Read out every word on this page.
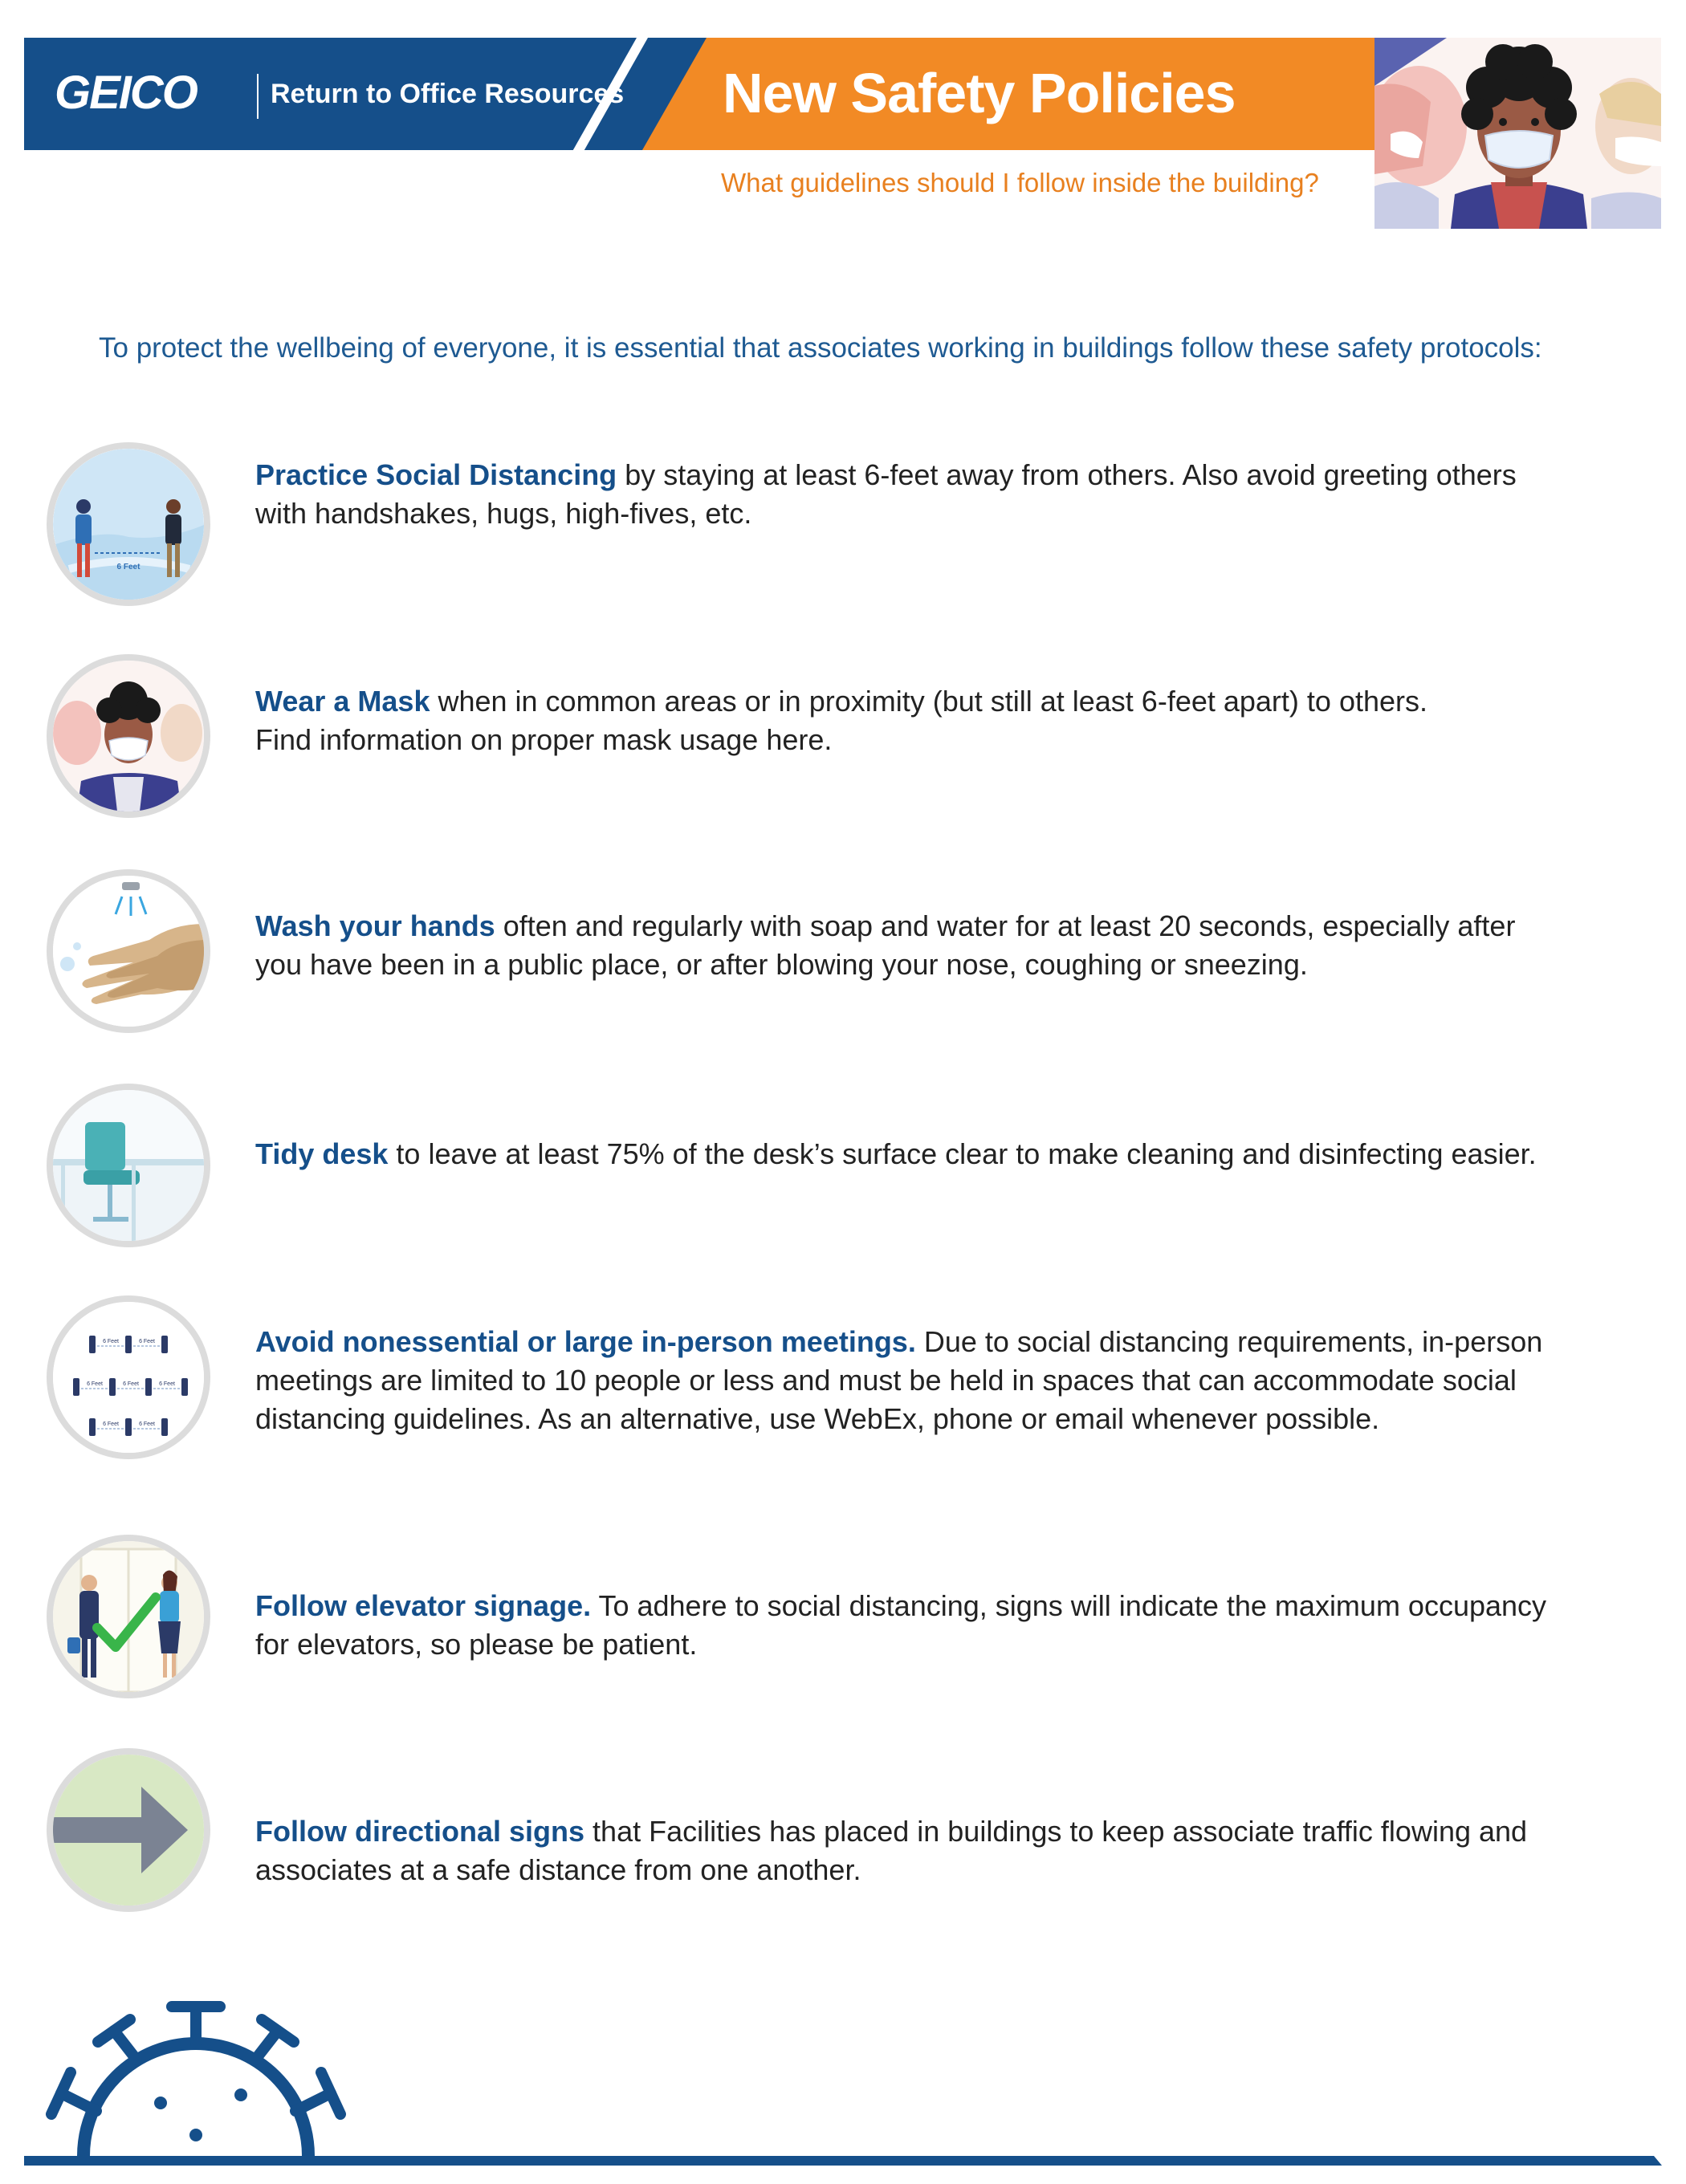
GEICO	Return to Office Resources New Safety Policies
What guidelines should I follow inside the building?
To protect the wellbeing of everyone, it is essential that associates working in buildings follow these safety protocols:
6 Feet
Practice Social Distancing by staying at least 6-feet away from others. Also avoid greeting others with handshakes, hugs, high-fives, etc.
Wear a Mask when in common areas or in proximity (but still at least 6-feet apart) to others.
Find information on proper mask usage here.
Wash your hands often and regularly with soap and water for at least 20 seconds, especially after you have been in a public place, or after blowing your nose, coughing or sneezing.
Tidy desk to leave at least 75% of the desk’s surface clear to make cleaning and disinfecting easier.
6 Feet	6 Feet
6 Feet	6 Feet	6 Feet
6 Feet	6 Feet
Avoid nonessential or large in-person meetings. Due to social distancing requirements, in-person meetings are limited to 10 people or less and must be held in spaces that can accommodate social distancing guidelines. As an alternative, use WebEx, phone or email whenever possible.
Follow elevator signage. To adhere to social distancing, signs will indicate the maximum occupancy for elevators, so please be patient.
Follow directional signs that Facilities has placed in buildings to keep associate traffic flowing and associates at a safe distance from one another.
